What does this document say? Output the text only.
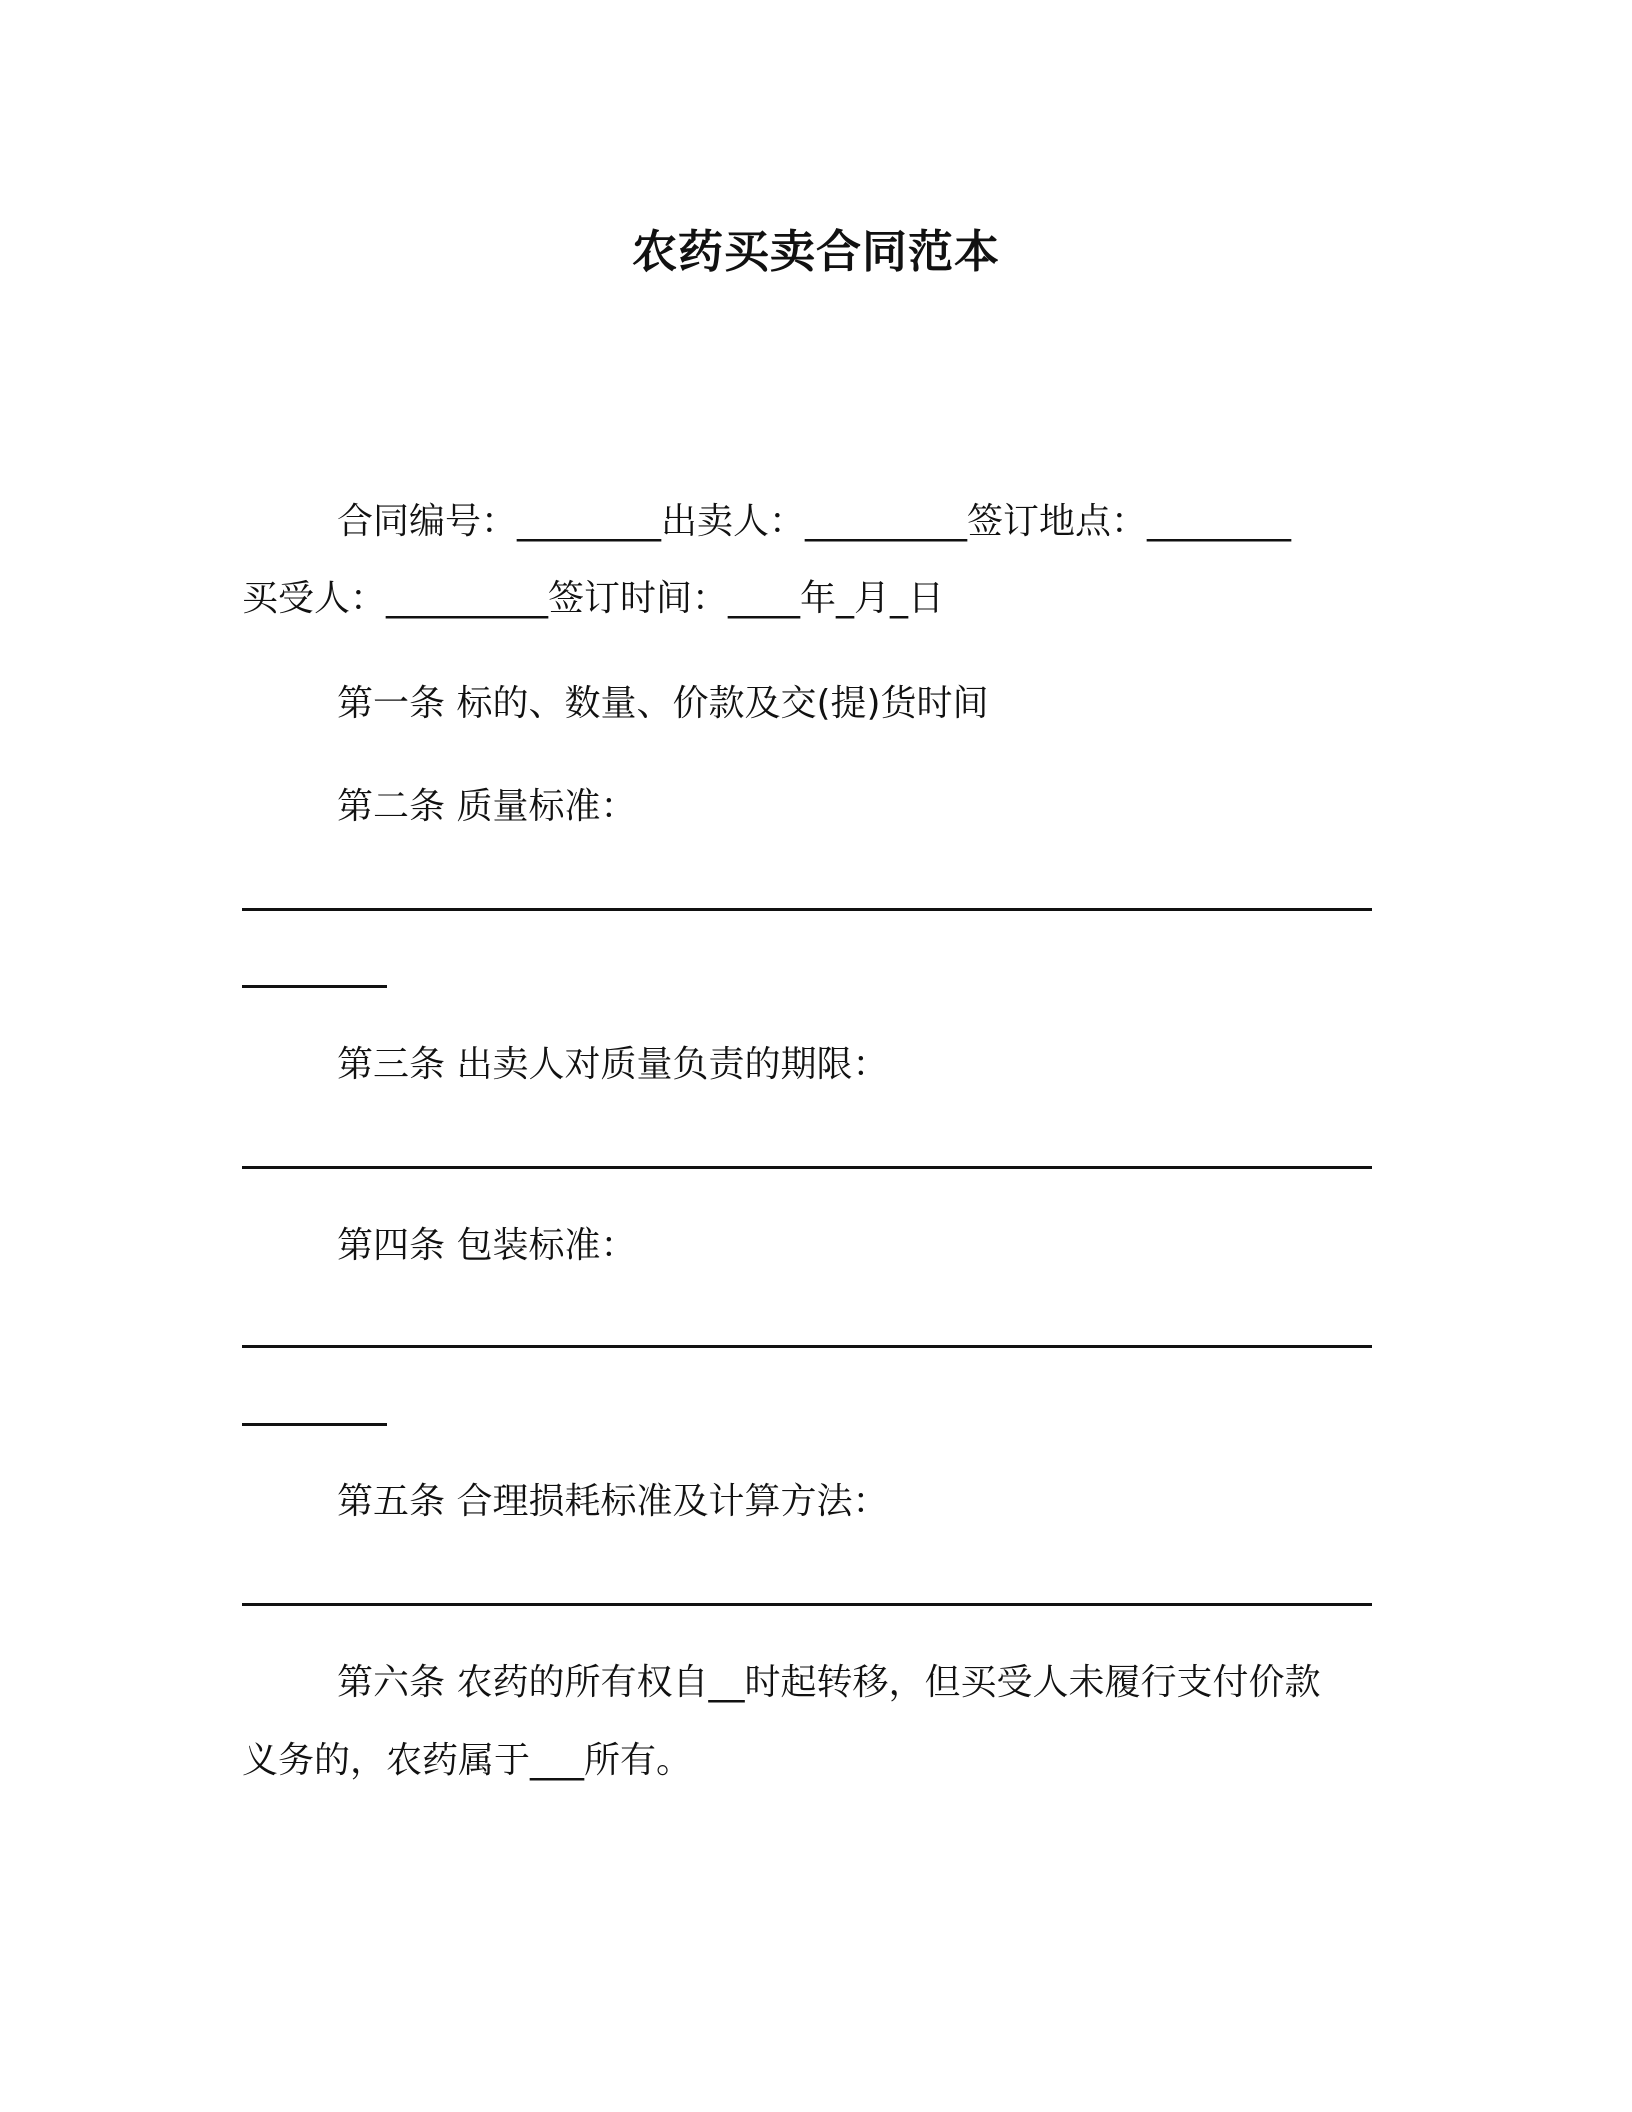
农药买卖合同范本
合同编号：________出卖人：_________签订地点：________
买受人：_________签订时间：____年_月_日
第一条 标的、数量、价款及交(提)货时间
第二条 质量标准：
第三条 出卖人对质量负责的期限：
第四条 包装标准：
第五条 合理损耗标准及计算方法：
第六条 农药的所有权自__时起转移，但买受人未履行支付价款
义务的，农药属于___所有。
